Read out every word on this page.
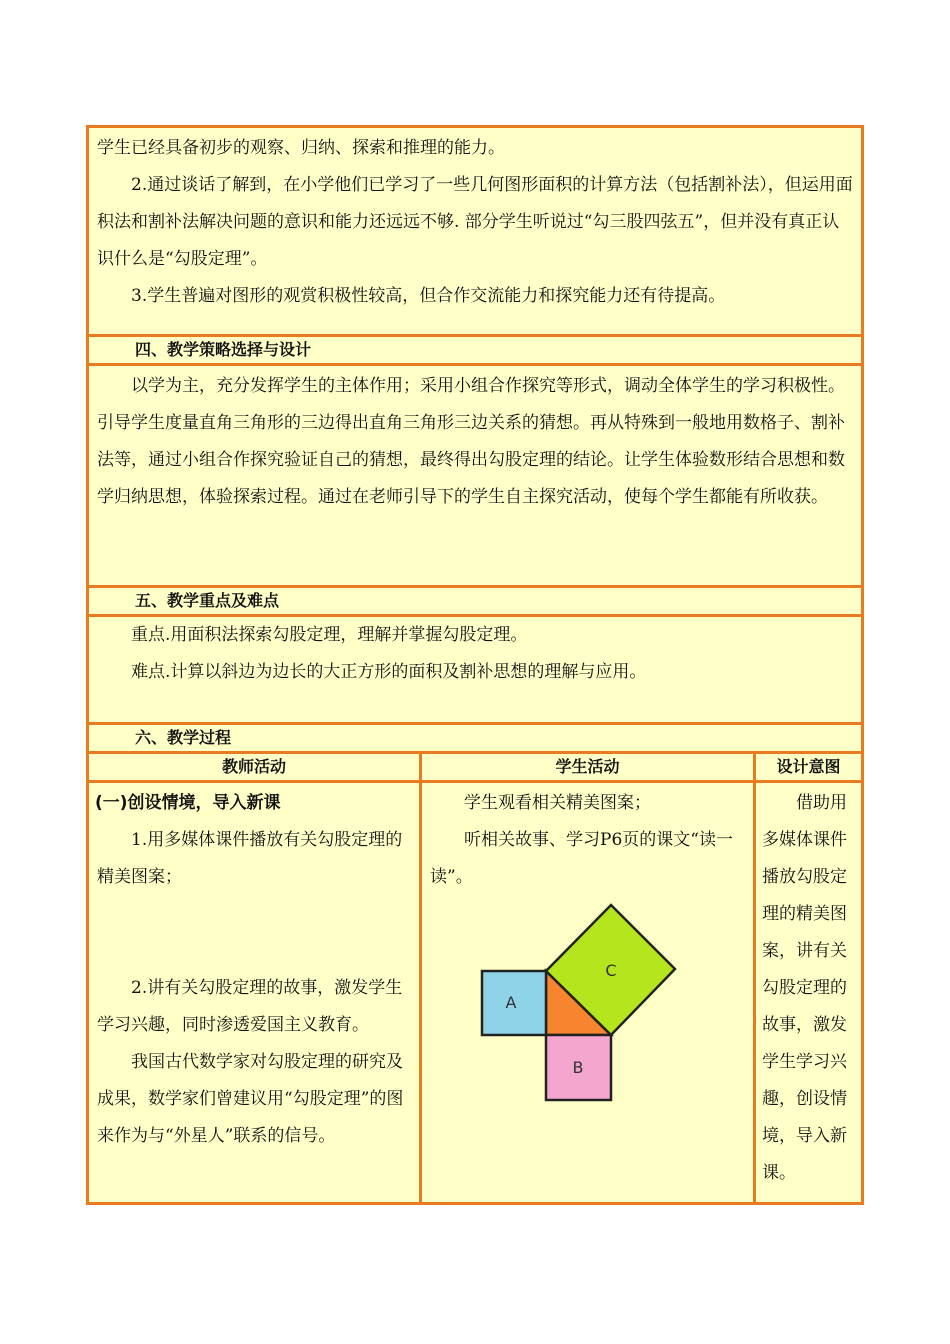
学生已经具备初步的观察、归纳、探索和推理的能力。

2.通过谈话了解到，在小学他们已学习了一些几何图形面积的计算方法（包括割补法），但运用面积法和割补法解决问题的意识和能力还远远不够. 部分学生听说过“勾三股四弦五”，但并没有真正认识什么是“勾股定理”。

3.学生普遍对图形的观赏积极性较高，但合作交流能力和探究能力还有待提高。

四、教学策略选择与设计

以学为主，充分发挥学生的主体作用；采用小组合作探究等形式，调动全体学生的学习积极性。引导学生度量直角三角形的三边得出直角三角形三边关系的猜想。再从特殊到一般地用数格子、割补法等，通过小组合作探究验证自己的猜想，最终得出勾股定理的结论。让学生体验数形结合思想和数学归纳思想，体验探索过程。通过在老师引导下的学生自主探究活动，使每个学生都能有所收获。

五、教学重点及难点

重点.用面积法探索勾股定理，理解并掌握勾股定理。

难点.计算以斜边为边长的大正方形的面积及割补思想的理解与应用。

六、教学过程
教师活动	学生活动	设计意图

(一)创设情境，导入新课

1.用多媒体课件播放有关勾股定理的精美图案；

2.讲有关勾股定理的故事，激发学生学习兴趣，同时渗透爱国主义教育。

我国古代数学家对勾股定理的研究及成果，数学家们曾建议用“勾股定理”的图来作为与“外星人”联系的信号。

学生观看相关精美图案；

听相关故事、学习P6页的课文“读一读”。

A
B
C

借助用多媒体课件播放勾股定理的精美图案，讲有关勾股定理的故事，激发学生学习兴趣，创设情境，导入新课。
